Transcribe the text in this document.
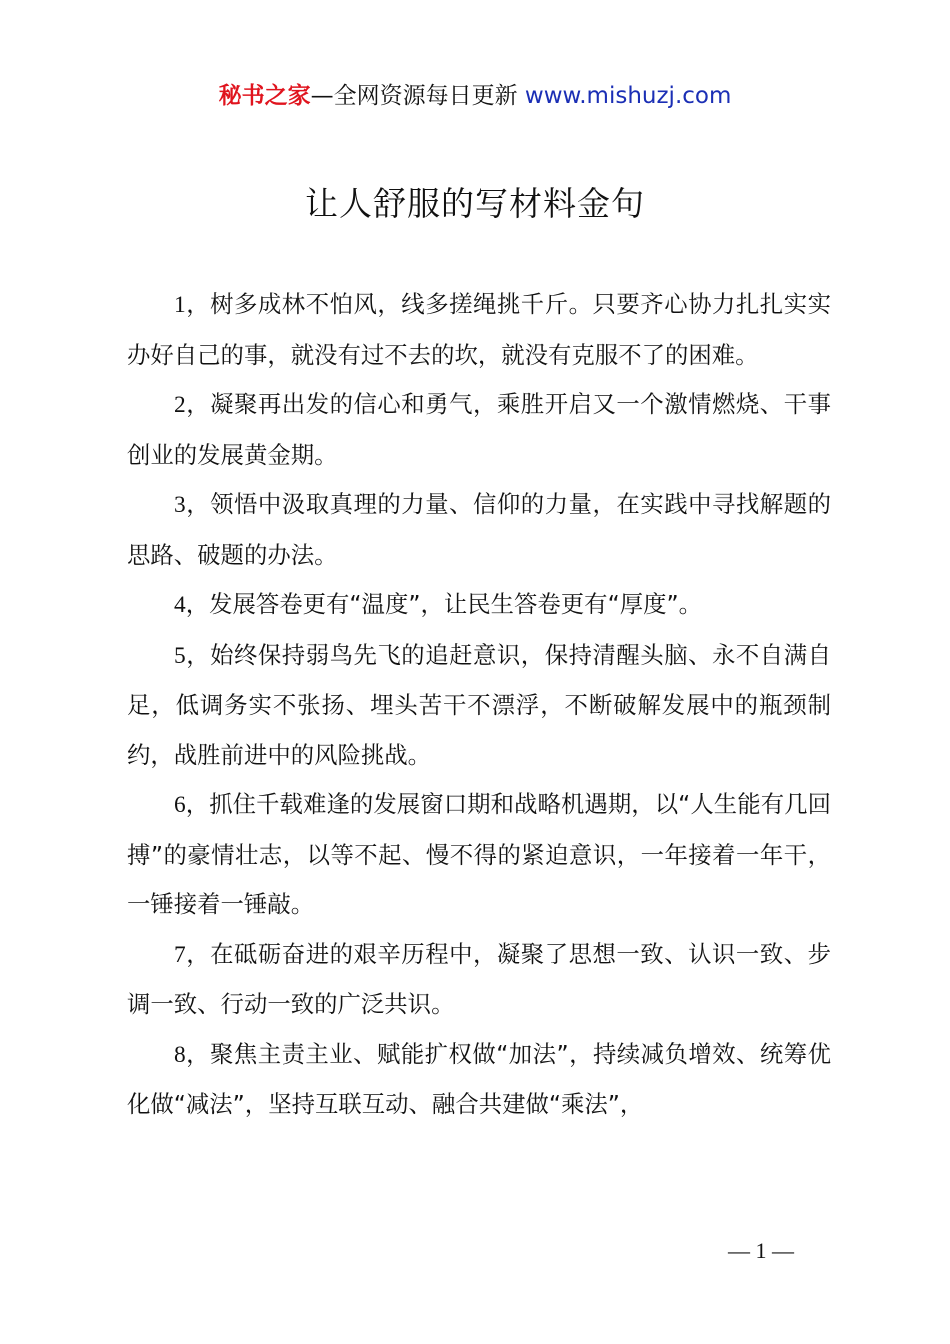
秘书之家—全网资源每日更新 www.mishuzj.com
让人舒服的写材料金句

1，树多成林不怕风，线多搓绳挑千斤。只要齐心协力扎扎实实办好自己的事，就没有过不去的坎，就没有克服不了的困难。

2，凝聚再出发的信心和勇气，乘胜开启又一个激情燃烧、干事创业的发展黄金期。

3，领悟中汲取真理的力量、信仰的力量，在实践中寻找解题的思路、破题的办法。

4，发展答卷更有“温度”，让民生答卷更有“厚度”。

5，始终保持弱鸟先飞的追赶意识，保持清醒头脑、永不自满自足，低调务实不张扬、埋头苦干不漂浮，不断破解发展中的瓶颈制约，战胜前进中的风险挑战。

6，抓住千载难逢的发展窗口期和战略机遇期，以“人生能有几回搏”的豪情壮志，以等不起、慢不得的紧迫意识，一年接着一年干，一锤接着一锤敲。

7，在砥砺奋进的艰辛历程中，凝聚了思想一致、认识一致、步调一致、行动一致的广泛共识。

8，聚焦主责主业、赋能扩权做“加法”，持续减负增效、统筹优化做“减法”，坚持互联互动、融合共建做“乘法”，

— 1 —
